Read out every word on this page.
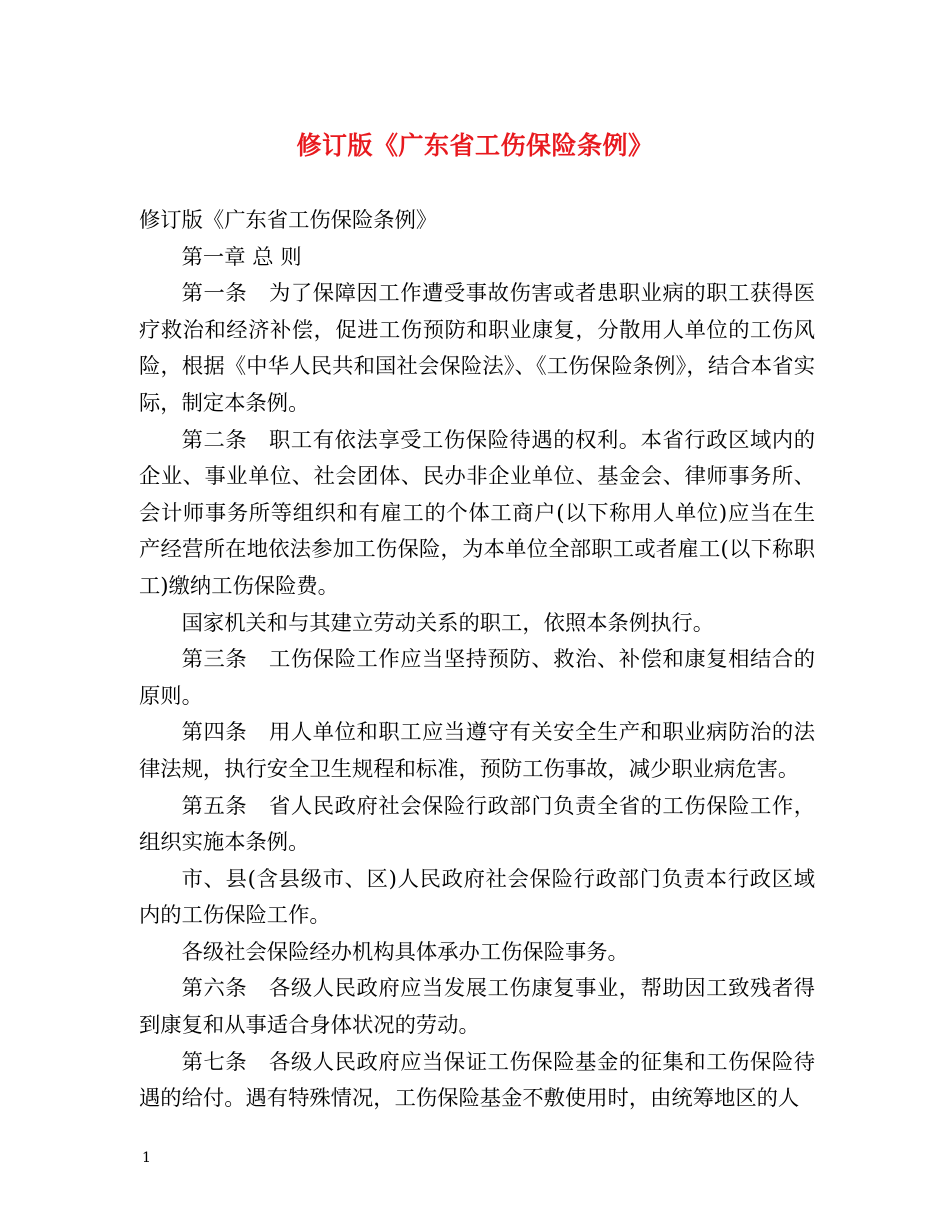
修订版《广东省工伤保险条例》

修订版《广东省工伤保险条例》

第一章 总 则

第一条　为了保障因工作遭受事故伤害或者患职业病的职工获得医疗救治和经济补偿，促进工伤预防和职业康复，分散用人单位的工伤风险，根据《中华人民共和国社会保险法》、《工伤保险条例》，结合本省实际，制定本条例。

第二条　职工有依法享受工伤保险待遇的权利。本省行政区域内的企业、事业单位、社会团体、民办非企业单位、基金会、律师事务所、会计师事务所等组织和有雇工的个体工商户(以下称用人单位)应当在生产经营所在地依法参加工伤保险，为本单位全部职工或者雇工(以下称职工)缴纳工伤保险费。

国家机关和与其建立劳动关系的职工，依照本条例执行。

第三条　工伤保险工作应当坚持预防、救治、补偿和康复相结合的原则。

第四条　用人单位和职工应当遵守有关安全生产和职业病防治的法律法规，执行安全卫生规程和标准，预防工伤事故，减少职业病危害。

第五条　省人民政府社会保险行政部门负责全省的工伤保险工作，组织实施本条例。

市、县(含县级市、区)人民政府社会保险行政部门负责本行政区域内的工伤保险工作。

各级社会保险经办机构具体承办工伤保险事务。

第六条　各级人民政府应当发展工伤康复事业，帮助因工致残者得到康复和从事适合身体状况的劳动。

第七条　各级人民政府应当保证工伤保险基金的征集和工伤保险待遇的给付。遇有特殊情况，工伤保险基金不敷使用时，由统筹地区的人

1
